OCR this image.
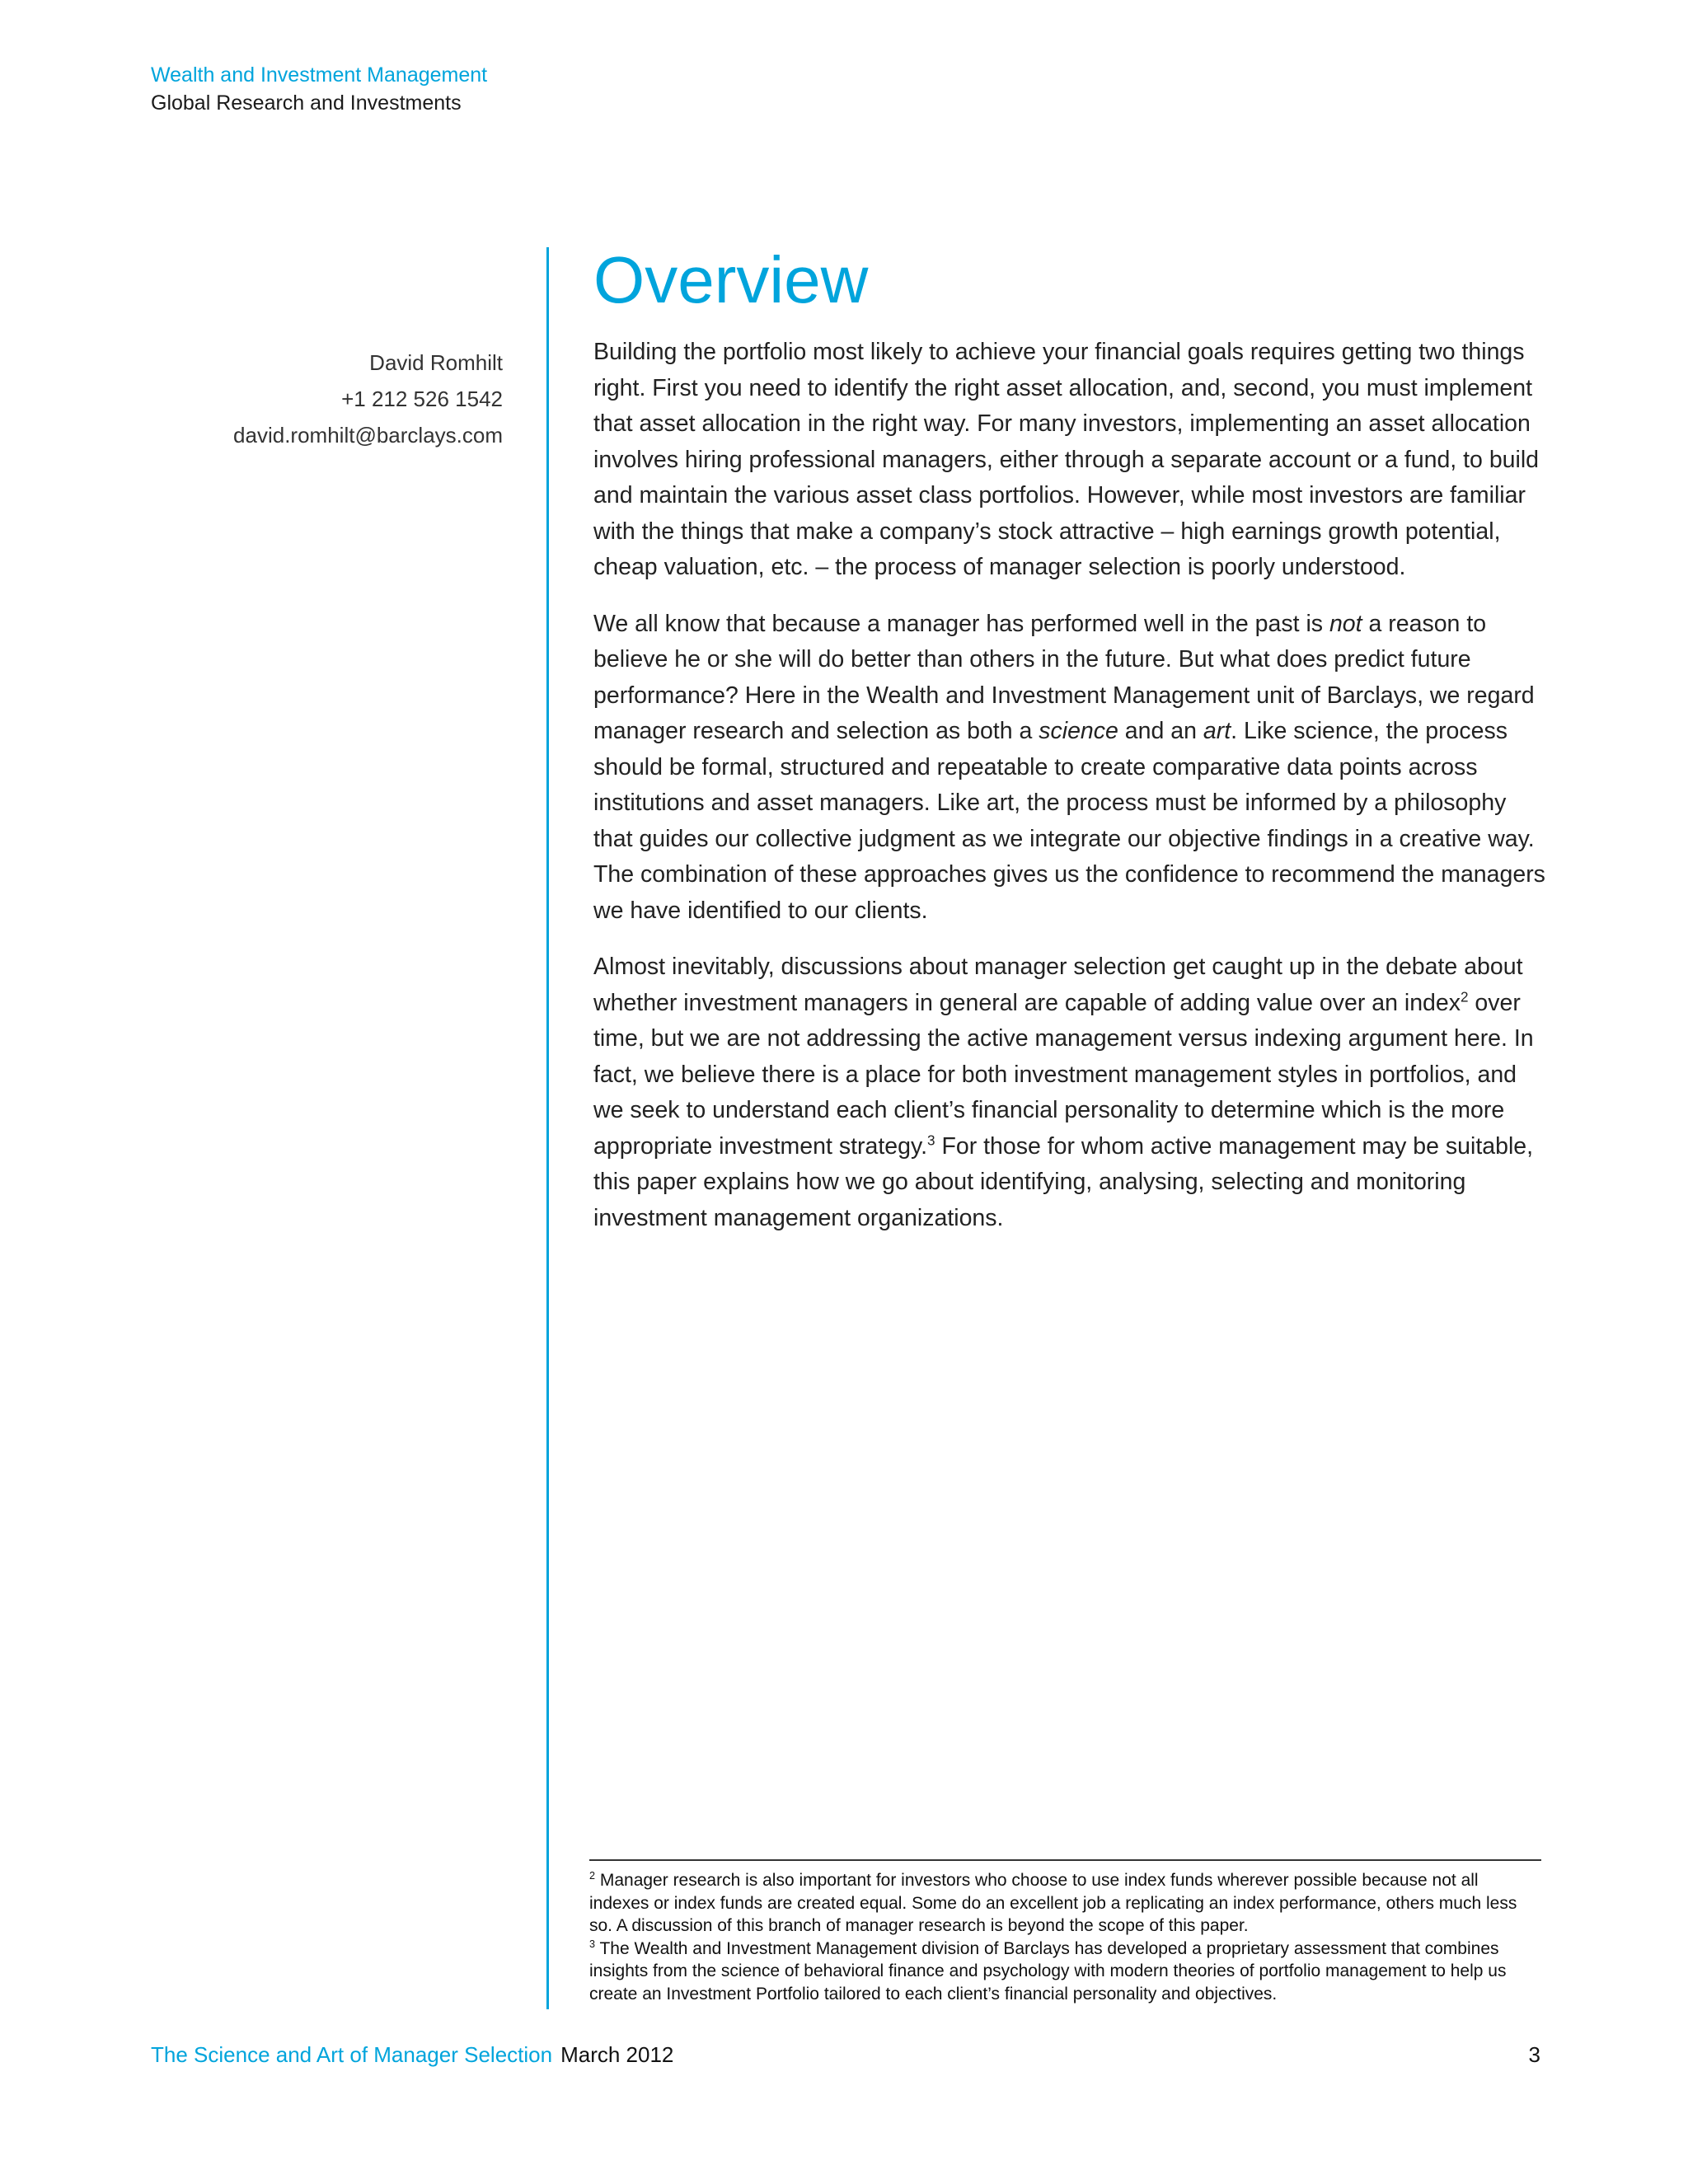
Wealth and Investment Management
Global Research and Investments
David Romhilt
+1 212 526 1542
david.romhilt@barclays.com
Overview

Building the portfolio most likely to achieve your financial goals requires getting two things right. First you need to identify the right asset allocation, and, second, you must implement that asset allocation in the right way. For many investors, implementing an asset allocation involves hiring professional managers, either through a separate account or a fund, to build and maintain the various asset class portfolios. However, while most investors are familiar with the things that make a company’s stock attractive – high earnings growth potential, cheap valuation, etc. – the process of manager selection is poorly understood.

We all know that because a manager has performed well in the past is not a reason to believe he or she will do better than others in the future. But what does predict future performance? Here in the Wealth and Investment Management unit of Barclays, we regard manager research and selection as both a science and an art. Like science, the process should be formal, structured and repeatable to create comparative data points across institutions and asset managers. Like art, the process must be informed by a philosophy that guides our collective judgment as we integrate our objective findings in a creative way. The combination of these approaches gives us the confidence to recommend the managers we have identified to our clients.

Almost inevitably, discussions about manager selection get caught up in the debate about whether investment managers in general are capable of adding value over an index$^2$ over time, but we are not addressing the active management versus indexing argument here. In fact, we believe there is a place for both investment management styles in portfolios, and we seek to understand each client’s financial personality to determine which is the more appropriate investment strategy.$^3$ For those for whom active management may be suitable, this paper explains how we go about identifying, analysing, selecting and monitoring investment management organizations.

$^2$ Manager research is also important for investors who choose to use index funds wherever possible because not all indexes or index funds are created equal. Some do an excellent job a replicating an index performance, others much less so. A discussion of this branch of manager research is beyond the scope of this paper.

$^3$ The Wealth and Investment Management division of Barclays has developed a proprietary assessment that combines insights from the science of behavioral finance and psychology with modern theories of portfolio management to help us create an Investment Portfolio tailored to each client’s financial personality and objectives.

The Science and Art of Manager Selection March 2012	3
